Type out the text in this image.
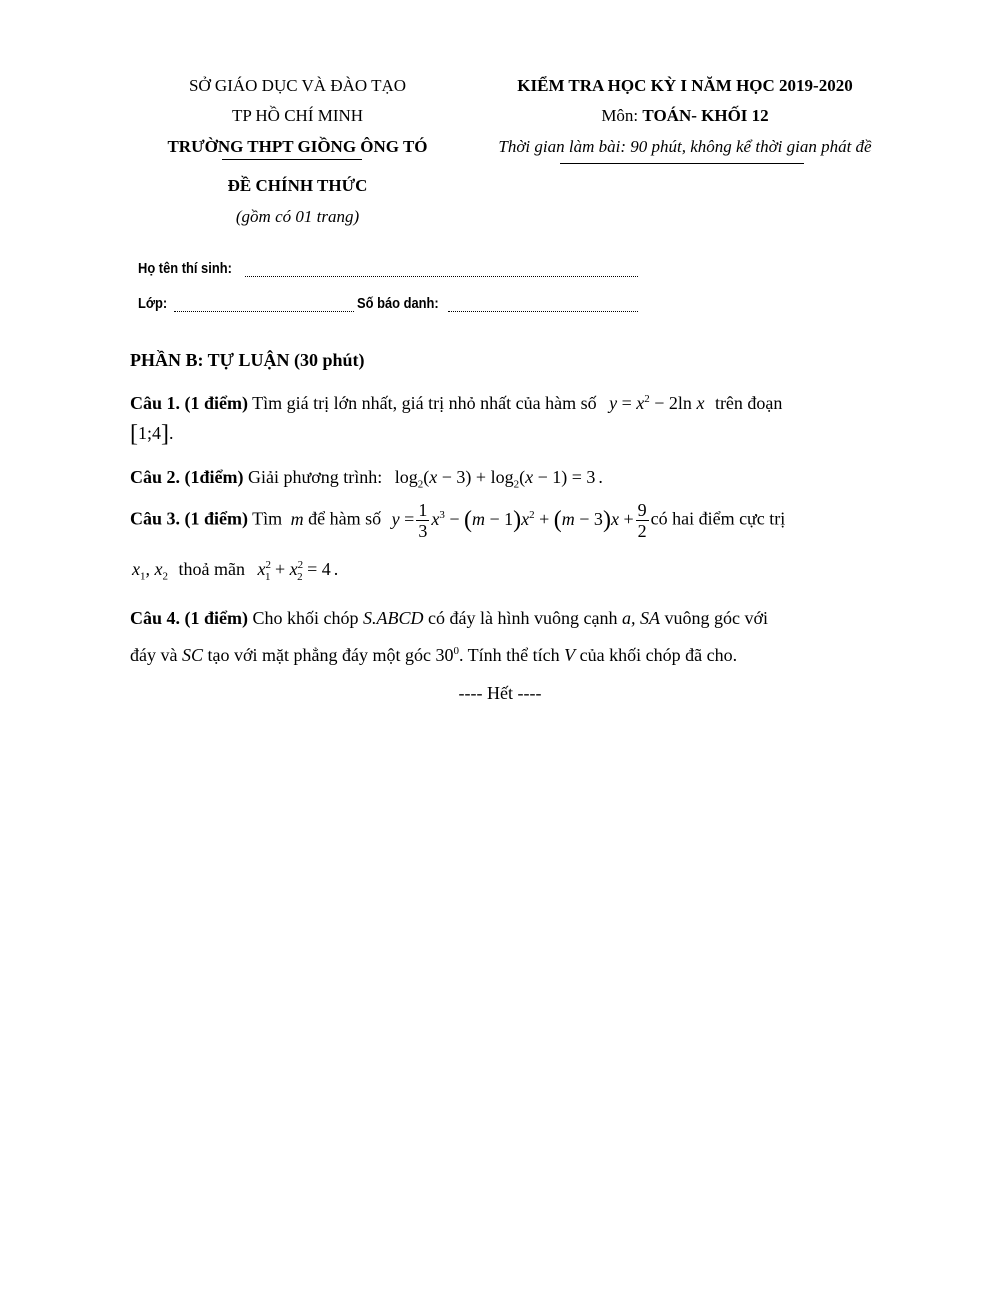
SỞ GIÁO DỤC VÀ ĐÀO TẠO
TP HỒ CHÍ MINH
TRƯỜNG THPT GIỒNG ÔNG TÓ
ĐỀ CHÍNH THỨC
(gồm có 01 trang)
KIỂM TRA HỌC KỲ I NĂM HỌC 2019-2020
Môn: TOÁN- KHỐI 12
Thời gian làm bài: 90 phút, không kể thời gian phát đề
Họ tên thí sinh:
Lớp:	Số báo danh:
PHẦN B: TỰ LUẬN (30 phút)
Câu 1. (1 điểm) Tìm giá trị lớn nhất, giá trị nhỏ nhất của hàm số $y = x^2 - 2\ln$ x trên đoạn
[1;4].
Câu 2. (1điểm) Giải phương trình: $\log_2(x - 3) + \log_2(x - 1) = 3$ .
Câu 3. (1 điểm) Tìm m để hàm số $y = \frac{1}{3} x^3 - (m - 1)x^2 + (m - 3)x + \frac{9}{2}$ có hai điểm cực trị
$x_1$, $x_2$ thoả mãn $x^2_1 + x^2_2 = 4$ .
Câu 4. (1 điểm) Cho khối chóp S.ABCD có đáy là hình vuông cạnh a, SA vuông góc với
đáy và SC tạo với mặt phẳng đáy một góc $30^0$. Tính thể tích V của khối chóp đã cho.
---- Hết ----
